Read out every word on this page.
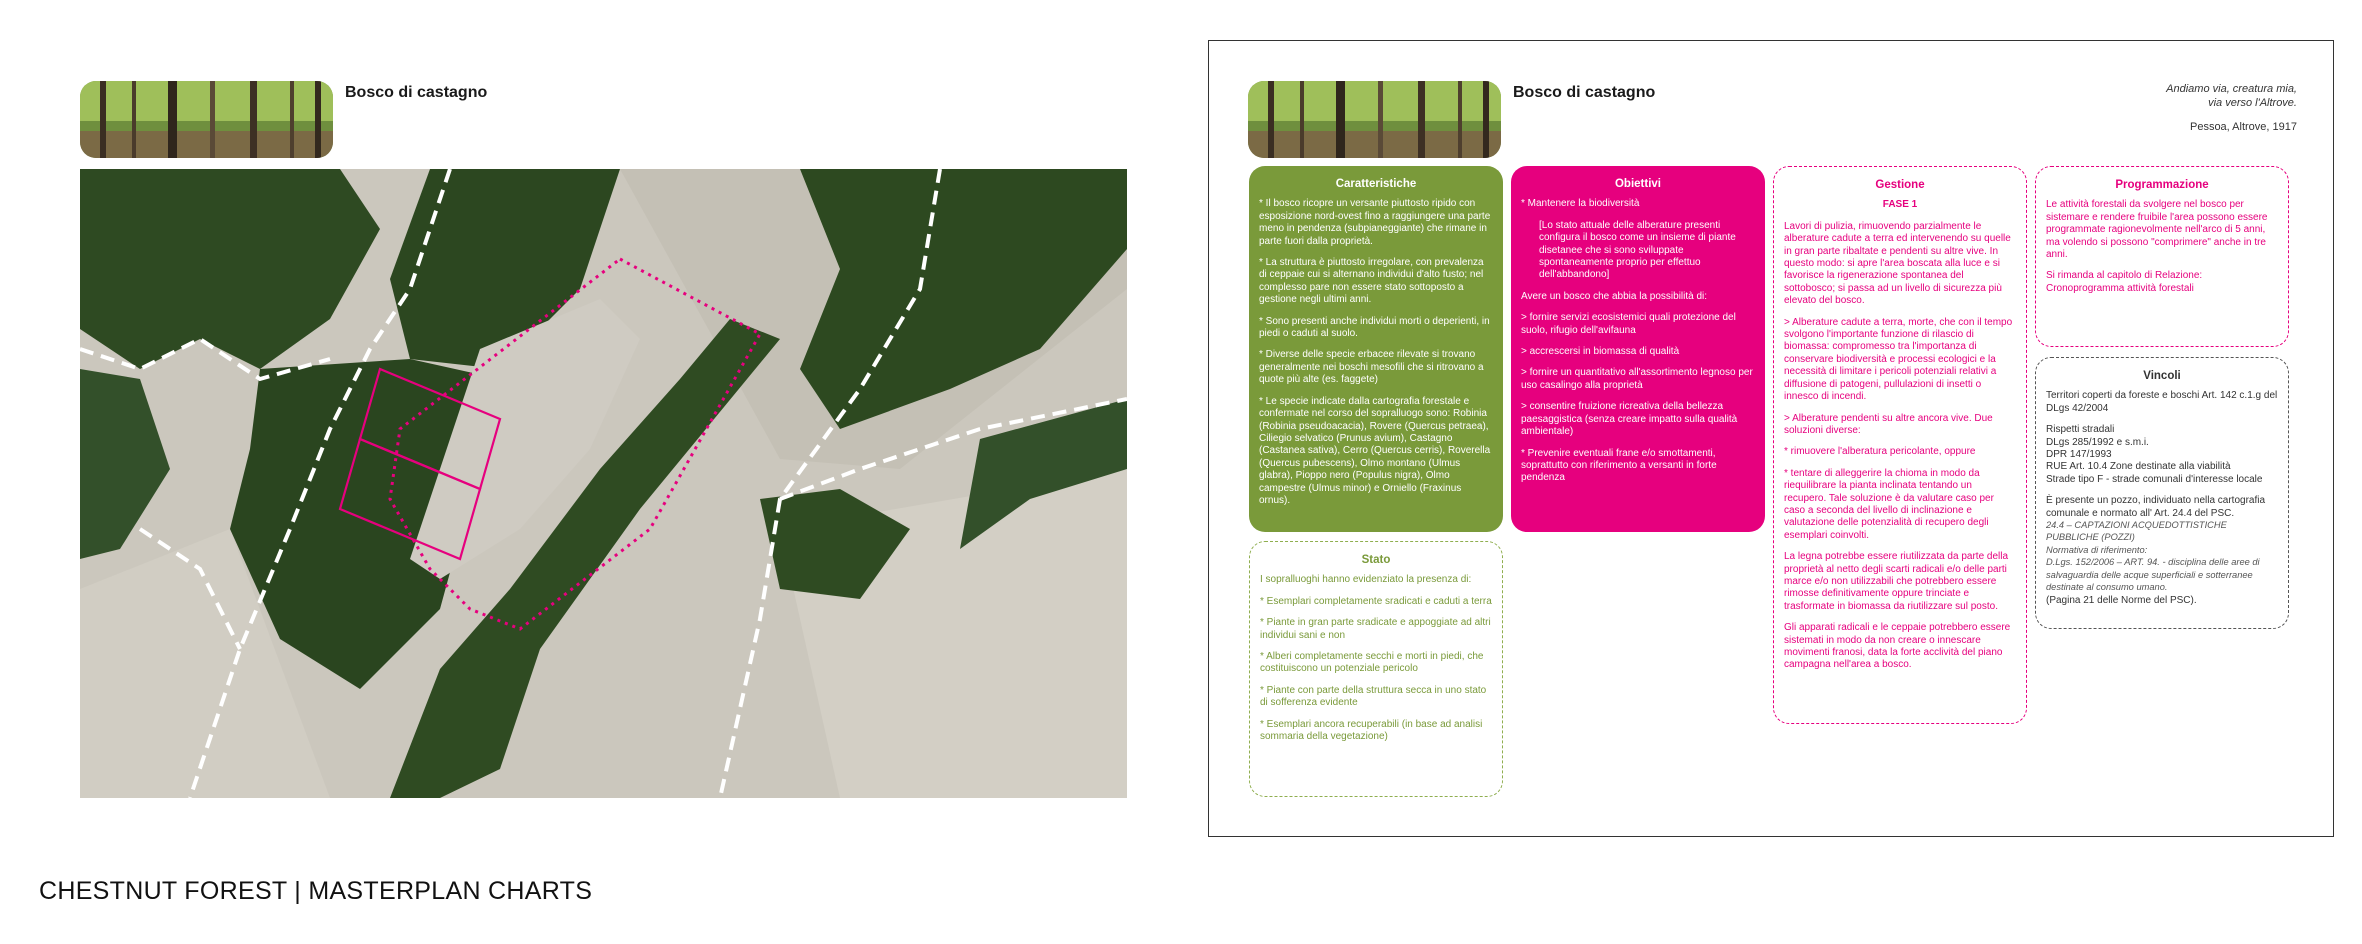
Bosco di castagno	Bosco di castagno	Andiamo via, creatura mia,
via verso l'Altrove.
Pessoa, Altrove, 1917
Caratteristiche

* Il bosco ricopre un versante piuttosto ripido con esposizione nord-ovest fino a raggiungere una parte meno in pendenza (subpianeggiante) che rimane in parte fuori dalla proprietà.

* La struttura è piuttosto irregolare, con prevalenza di ceppaie cui si alternano individui d'alto fusto; nel complesso pare non essere stato sottoposto a gestione negli ultimi anni.

* Sono presenti anche individui morti o deperienti, in piedi o caduti al suolo.

* Diverse delle specie erbacee rilevate si trovano generalmente nei boschi mesofili che si ritrovano a quote più alte (es. faggete)

* Le specie indicate dalla cartografia forestale e confermate nel corso del sopralluogo sono: Robinia (Robinia pseudoacacia), Rovere (Quercus petraea), Ciliegio selvatico (Prunus avium), Castagno (Castanea sativa), Cerro (Quercus cerris), Roverella (Quercus pubescens), Olmo montano (Ulmus glabra), Pioppo nero (Populus nigra), Olmo campestre (Ulmus minor) e Orniello (Fraxinus ornus).

Stato

I sopralluoghi hanno evidenziato la presenza di:

* Esemplari completamente sradicati e caduti a terra

* Piante in gran parte sradicate e appoggiate ad altri individui sani e non

* Alberi completamente secchi e morti in piedi, che costituiscono un potenziale pericolo

* Piante con parte della struttura secca in uno stato di sofferenza evidente

* Esemplari ancora recuperabili (in base ad analisi sommaria della vegetazione)

Obiettivi

* Mantenere la biodiversità

[Lo stato attuale delle alberature presenti configura il bosco come un insieme di piante disetanee che si sono sviluppate spontaneamente proprio per effettuo dell'abbandono]

Avere un bosco che abbia la possibilità di:

> fornire servizi ecosistemici quali protezione del suolo, rifugio dell'avifauna

> accrescersi in biomassa di qualità

> fornire un quantitativo all'assortimento legnoso per uso casalingo alla proprietà

> consentire fruizione ricreativa della bellezza paesaggistica (senza creare impatto sulla qualità ambientale)

* Prevenire eventuali frane e/o smottamenti, soprattutto con riferimento a versanti in forte pendenza

Gestione

FASE 1

Lavori di pulizia, rimuovendo parzialmente le alberature cadute a terra ed intervenendo su quelle in gran parte ribaltate e pendenti su altre vive. In questo modo: si apre l'area boscata alla luce e si favorisce la rigenerazione spontanea del sottobosco; si passa ad un livello di sicurezza più elevato del bosco.

> Alberature cadute a terra, morte, che con il tempo svolgono l'importante funzione di rilascio di biomassa: compromesso tra l'importanza di conservare biodiversità e processi ecologici e la necessità di limitare i pericoli potenziali relativi a diffusione di patogeni, pullulazioni di insetti o innesco di incendi.

> Alberature pendenti su altre ancora vive. Due soluzioni diverse:

* rimuovere l'alberatura pericolante, oppure

* tentare di alleggerire la chioma in modo da riequilibrare la pianta inclinata tentando un recupero. Tale soluzione è da valutare caso per caso a seconda del livello di inclinazione e valutazione delle potenzialità di recupero degli esemplari coinvolti.

La legna potrebbe essere riutilizzata da parte della proprietà al netto degli scarti radicali e/o delle parti marce e/o non utilizzabili che potrebbero essere rimosse definitivamente oppure trinciate e trasformate in biomassa da riutilizzare sul posto.

Gli apparati radicali e le ceppaie potrebbero essere sistemati in modo da non creare o innescare movimenti franosi, data la forte acclività del piano campagna nell'area a bosco.

Programmazione

Le attività forestali da svolgere nel bosco per sistemare e rendere fruibile l'area possono essere programmate ragionevolmente nell'arco di 5 anni, ma volendo si possono "comprimere" anche in tre anni.

Si rimanda al capitolo di Relazione: Cronoprogramma attività forestali

Vincoli

Territori coperti da foreste e boschi Art. 142 c.1.g del DLgs 42/2004

Rispetti stradali
DLgs 285/1992 e s.m.i.
DPR 147/1993
RUE Art. 10.4 Zone destinate alla viabilità
Strade tipo F - strade comunali d'interesse locale

È presente un pozzo, individuato nella cartografia comunale e normato all' Art. 24.4 del PSC.
24.4 – CAPTAZIONI ACQUEDOTTISTICHE PUBBLICHE (POZZI)
Normativa di riferimento:
D.Lgs. 152/2006 – ART. 94. - disciplina delle aree di salvaguardia delle acque superficiali e sotterranee destinate al consumo umano.
(Pagina 21 delle Norme del PSC).

CHESTNUT FOREST | MASTERPLAN CHARTS
